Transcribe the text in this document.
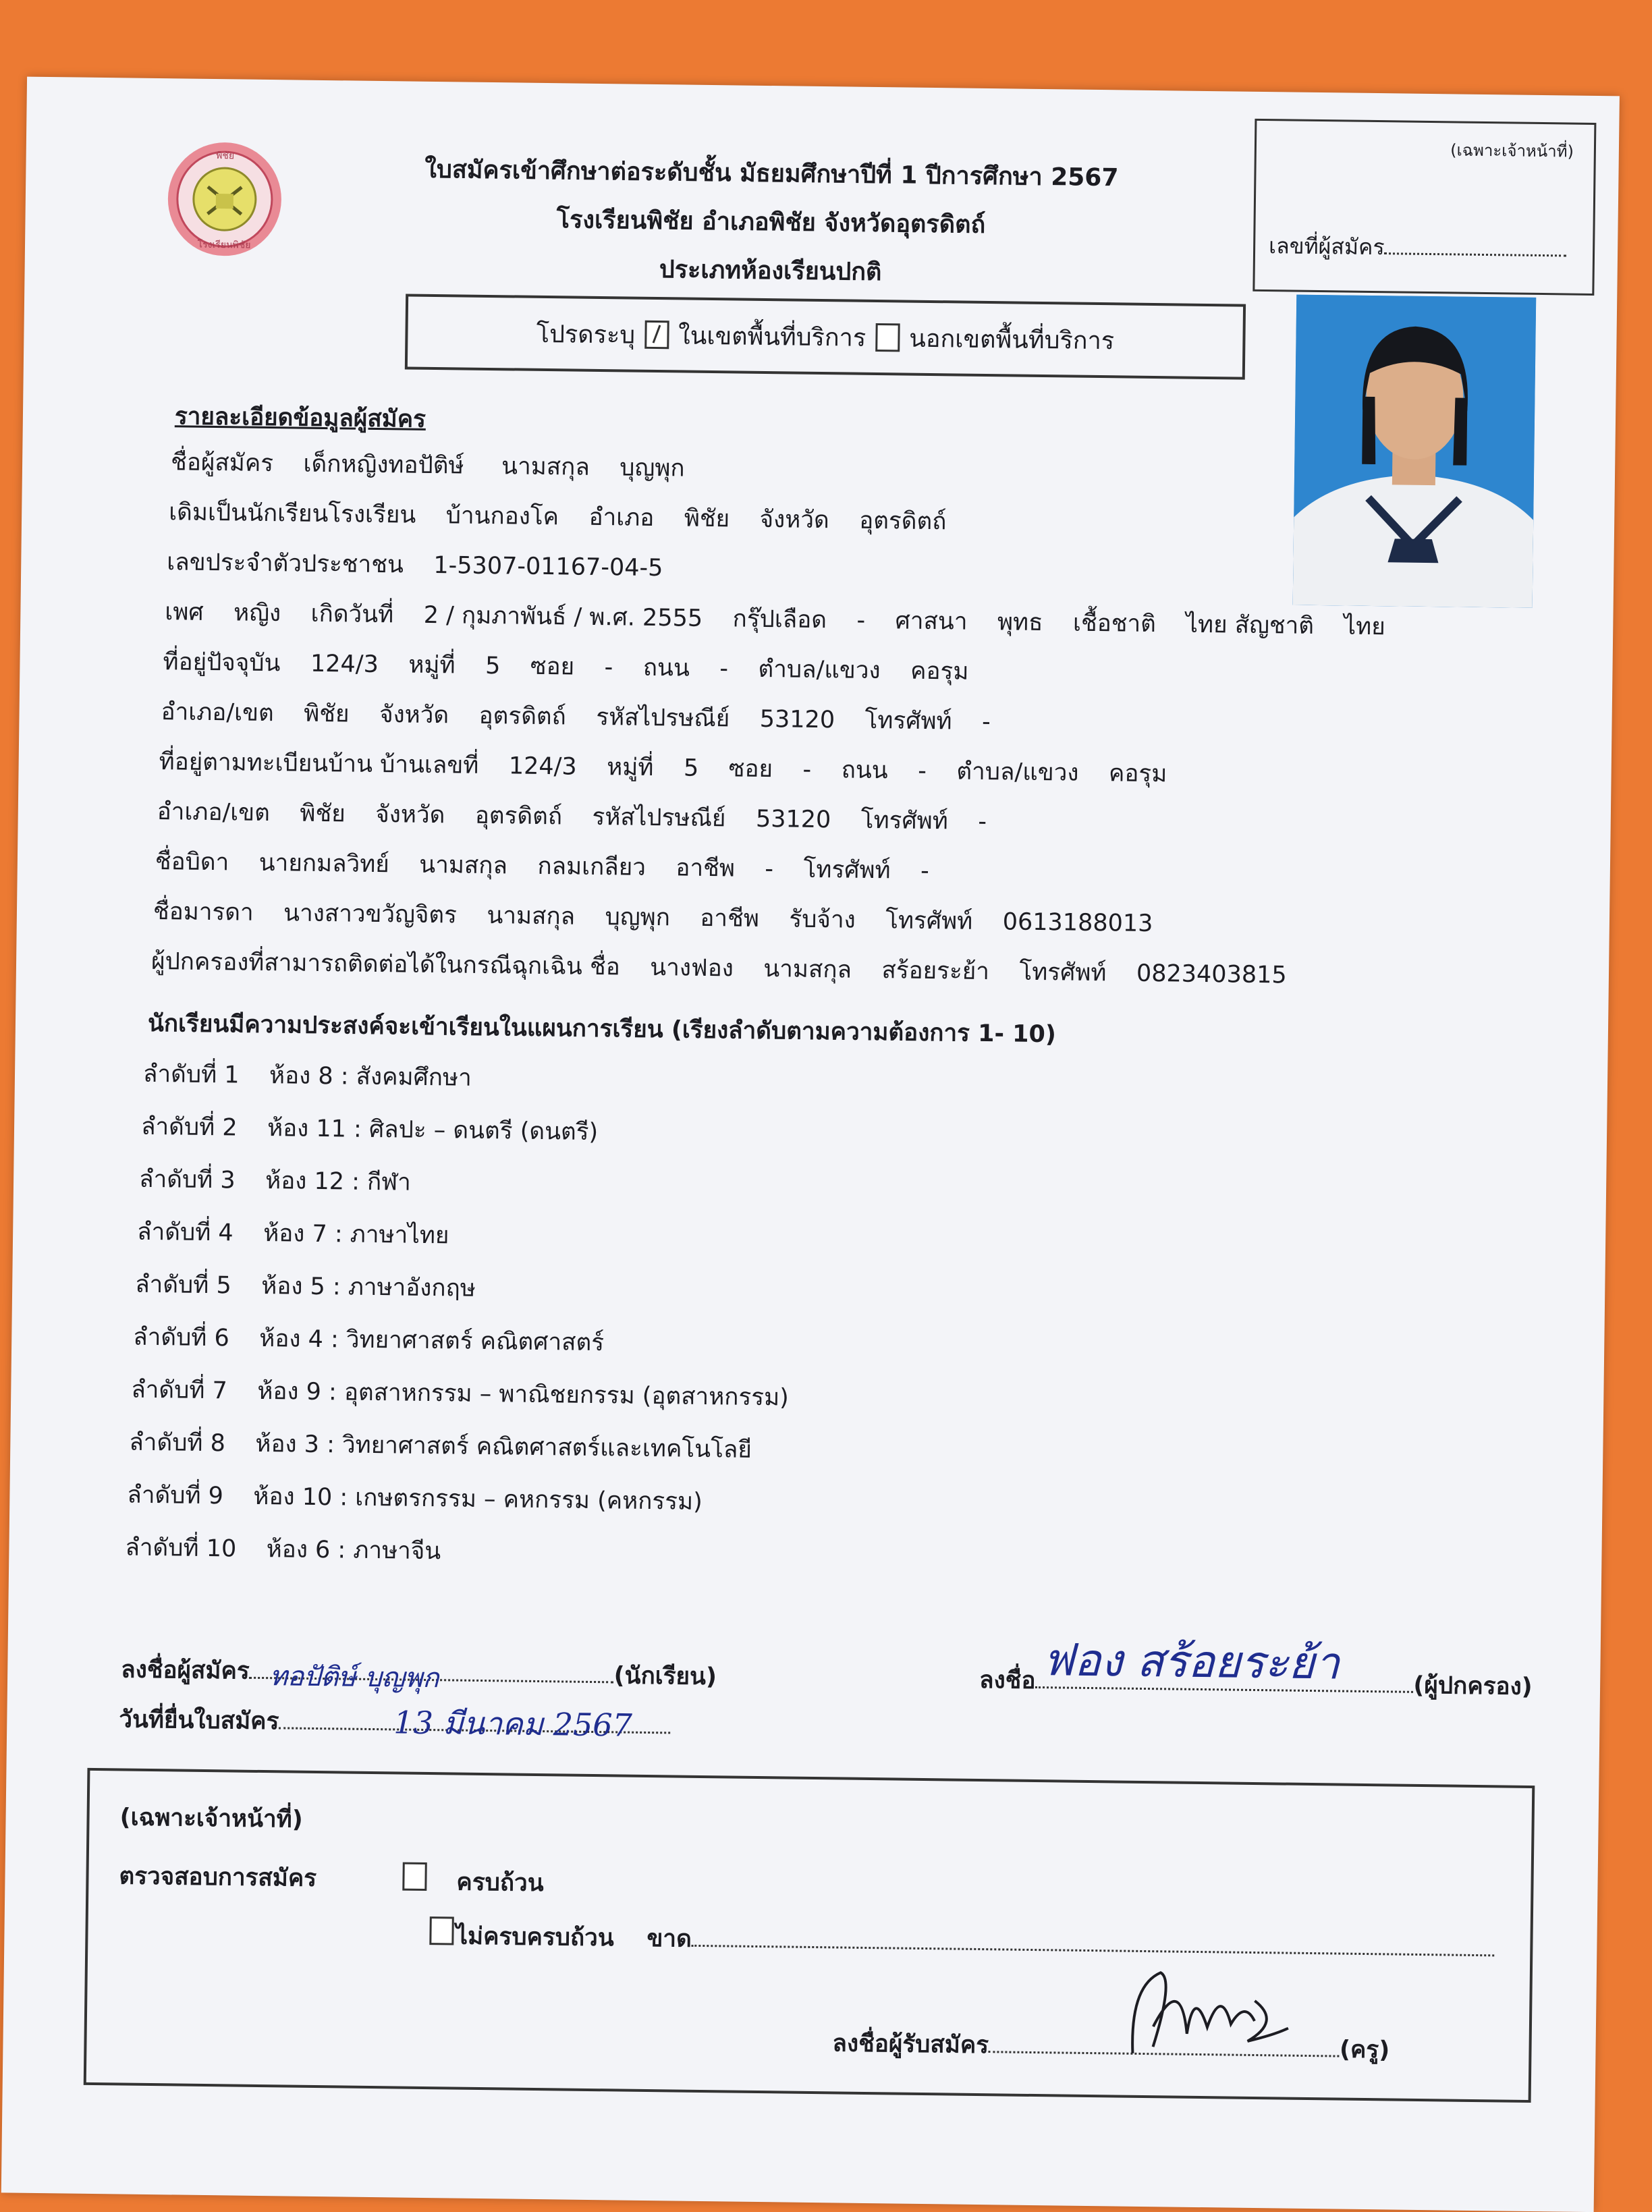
พิชัย
โรงเรียนพิชัย
ใบสมัครเข้าศึกษาต่อระดับชั้น มัธยมศึกษาปีที่ 1 ปีการศึกษา 2567
โรงเรียนพิชัย อำเภอพิชัย จังหวัดอุตรดิตถ์
ประเภทห้องเรียนปกติ
(เฉพาะเจ้าหน้าที่)
เลขที่ผู้สมัคร
โปรดระบุ ในเขตพื้นที่บริการ นอกเขตพื้นที่บริการ
รายละเอียดข้อมูลผู้สมัคร
ชื่อผู้สมัคร เด็กหญิงทอปัติษ์ นามสกุล บุญพุก
เดิมเป็นนักเรียนโรงเรียน บ้านกองโค อำเภอ พิชัย จังหวัด อุตรดิตถ์
เลขประจำตัวประชาชน 1-5307-01167-04-5
เพศ หญิง เกิดวันที่ 2 / กุมภาพันธ์ / พ.ศ. 2555 กรุ๊ปเลือด - ศาสนา พุทธ เชื้อชาติ ไทย สัญชาติ ไทย
ที่อยู่ปัจจุบัน 124/3 หมู่ที่ 5 ซอย - ถนน - ตำบล/แขวง คอรุม
อำเภอ/เขต พิชัย จังหวัด อุตรดิตถ์ รหัสไปรษณีย์ 53120 โทรศัพท์ -
ที่อยู่ตามทะเบียนบ้าน บ้านเลขที่ 124/3 หมู่ที่ 5 ซอย - ถนน - ตำบล/แขวง คอรุม
อำเภอ/เขต พิชัย จังหวัด อุตรดิตถ์ รหัสไปรษณีย์ 53120 โทรศัพท์ -
ชื่อบิดา นายกมลวิทย์ นามสกุล กลมเกลียว อาชีพ - โทรศัพท์ -
ชื่อมารดา นางสาวขวัญจิตร นามสกุล บุญพุก อาชีพ รับจ้าง โทรศัพท์ 0613188013
ผู้ปกครองที่สามารถติดต่อได้ในกรณีฉุกเฉิน ชื่อ นางฟอง นามสกุล สร้อยระย้า โทรศัพท์ 0823403815
นักเรียนมีความประสงค์จะเข้าเรียนในแผนการเรียน (เรียงลำดับตามความต้องการ 1- 10)
ลำดับที่ 1 ห้อง 8 : สังคมศึกษา
ลำดับที่ 2 ห้อง 11 : ศิลปะ – ดนตรี (ดนตรี)
ลำดับที่ 3 ห้อง 12 : กีฬา
ลำดับที่ 4 ห้อง 7 : ภาษาไทย
ลำดับที่ 5 ห้อง 5 : ภาษาอังกฤษ
ลำดับที่ 6 ห้อง 4 : วิทยาศาสตร์ คณิตศาสตร์
ลำดับที่ 7 ห้อง 9 : อุตสาหกรรม – พาณิชยกรรม (อุตสาหกรรม)
ลำดับที่ 8 ห้อง 3 : วิทยาศาสตร์ คณิตศาสตร์และเทคโนโลยี
ลำดับที่ 9 ห้อง 10 : เกษตรกรรม – คหกรรม (คหกรรม)
ลำดับที่ 10 ห้อง 6 : ภาษาจีน
ลงชื่อผู้สมัคร ทอปัติษ์ บุญพุก	(นักเรียน)	ลงชื่อ ฟอง สร้อยระย้า	(ผู้ปกครอง)
วันที่ยื่นใบสมัคร	13 มีนาคม 2567
(เฉพาะเจ้าหน้าที่)
ตรวจสอบการสมัคร
	ครบถ้วน
ไม่ครบครบถ้วน ขาด
ลงชื่อผู้รับสมัคร	(ครู)
